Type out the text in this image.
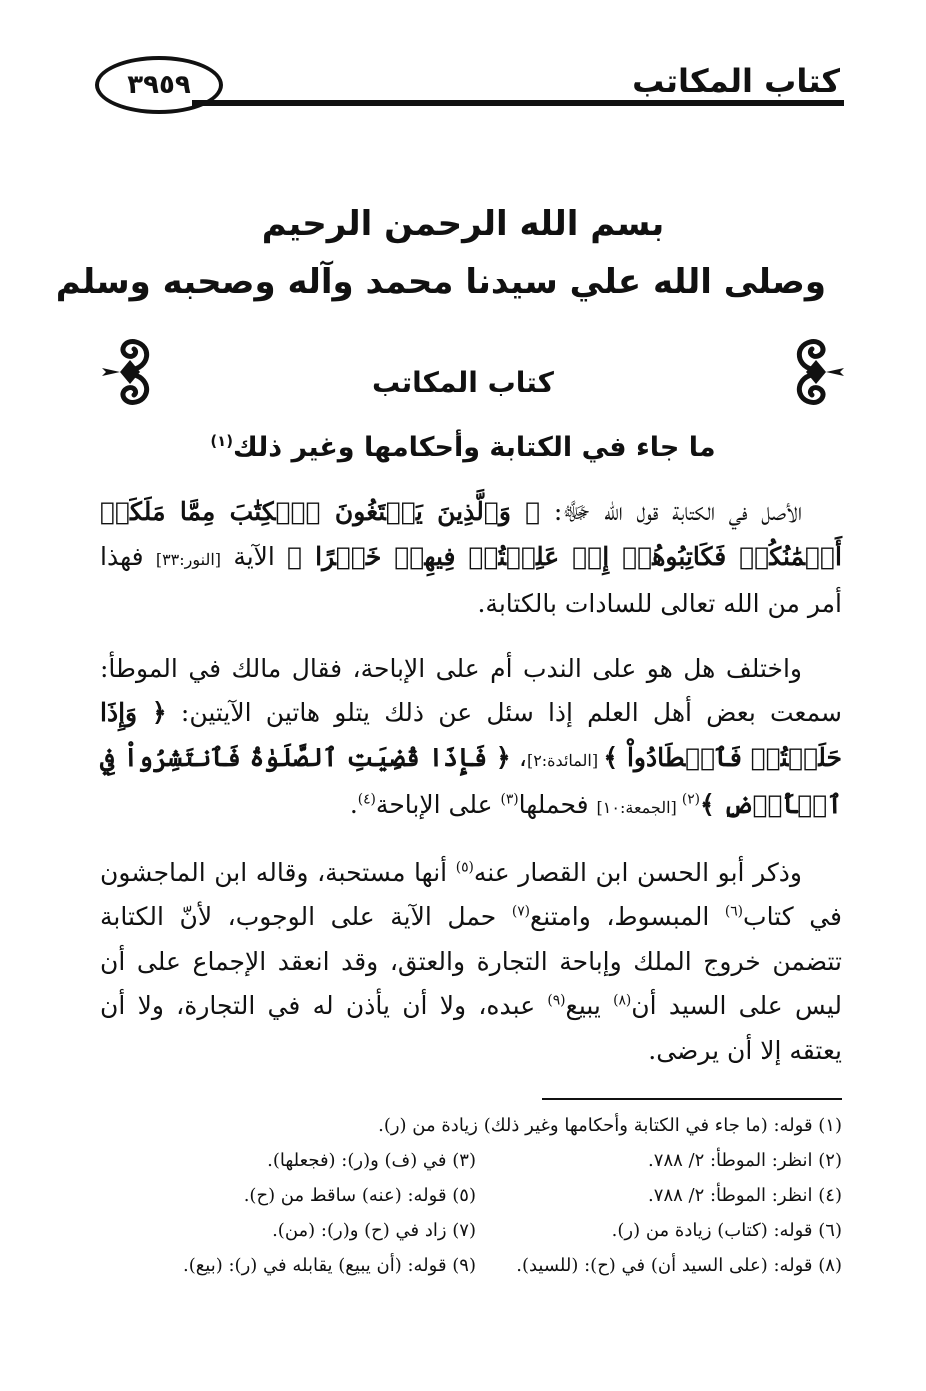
كتاب المكاتب
٣٩٥٩
بسم الله الرحمن الرحيم
وصلى الله علي سيدنا محمد وآله وصحبه وسلم
كتاب المكاتب
ما جاء في الكتابة وأحكامها وغير ذلك$^{(١)}$

الأصل في الكتابة قول الله ﷻ: ﴿ وَٱلَّذِينَ يَبۡتَغُونَ ٱلۡكِتَٰبَ مِمَّا مَلَكَتۡ أَيۡمَٰنُكُمۡ فَكَاتِبُوهُمۡ إِنۡ عَلِمۡتُمۡ فِيهِمۡ خَيۡرًا ﴾ الآية [النور:٣٣] فهذا أمر من الله تعالى للسادات بالكتابة.

واختلف هل هو على الندب أم على الإباحة، فقال مالك في الموطأ: سمعت بعض أهل العلم إذا سئل عن ذلك يتلو هاتين الآيتين: ﴿ وَإِذَا حَلَلۡتُمۡ فَٱصۡطَادُواْ ﴾ [المائدة:٢]، ﴿ فَإِذَا قُضِيَتِ ٱلصَّلَوٰةُ فَٱنتَشِرُواْ فِي ٱلۡأَرۡضِ ﴾$^{(٢)}$ [الجمعة:١٠] فحملها$^{(٣)}$ على الإباحة$^{(٤)}$.

وذكر أبو الحسن ابن القصار عنه$^{(٥)}$ أنها مستحبة، وقاله ابن الماجشون في كتاب$^{(٦)}$ المبسوط، وامتنع$^{(٧)}$ حمل الآية على الوجوب، لأنّ الكتابة تتضمن خروج الملك وإباحة التجارة والعتق، وقد انعقد الإجماع على أن ليس على السيد أن$^{(٨)}$ يبيع$^{(٩)}$ عبده، ولا أن يأذن له في التجارة، ولا أن يعتقه إلا أن يرضى.

(١) قوله: (ما جاء في الكتابة وأحكامها وغير ذلك) زيادة من (ر).
(٢) انظر: الموطأ: ٢/ ٧٨٨.
(٣) في (ف) و(ر): (فجعلها).
(٤) انظر: الموطأ: ٢/ ٧٨٨.
(٥) قوله: (عنه) ساقط من (ح).
(٦) قوله: (كتاب) زيادة من (ر).
(٧) زاد في (ح) و(ر): (من).
(٨) قوله: (على السيد أن) في (ح): (للسيد).
(٩) قوله: (أن يبيع) يقابله في (ر): (بيع).
